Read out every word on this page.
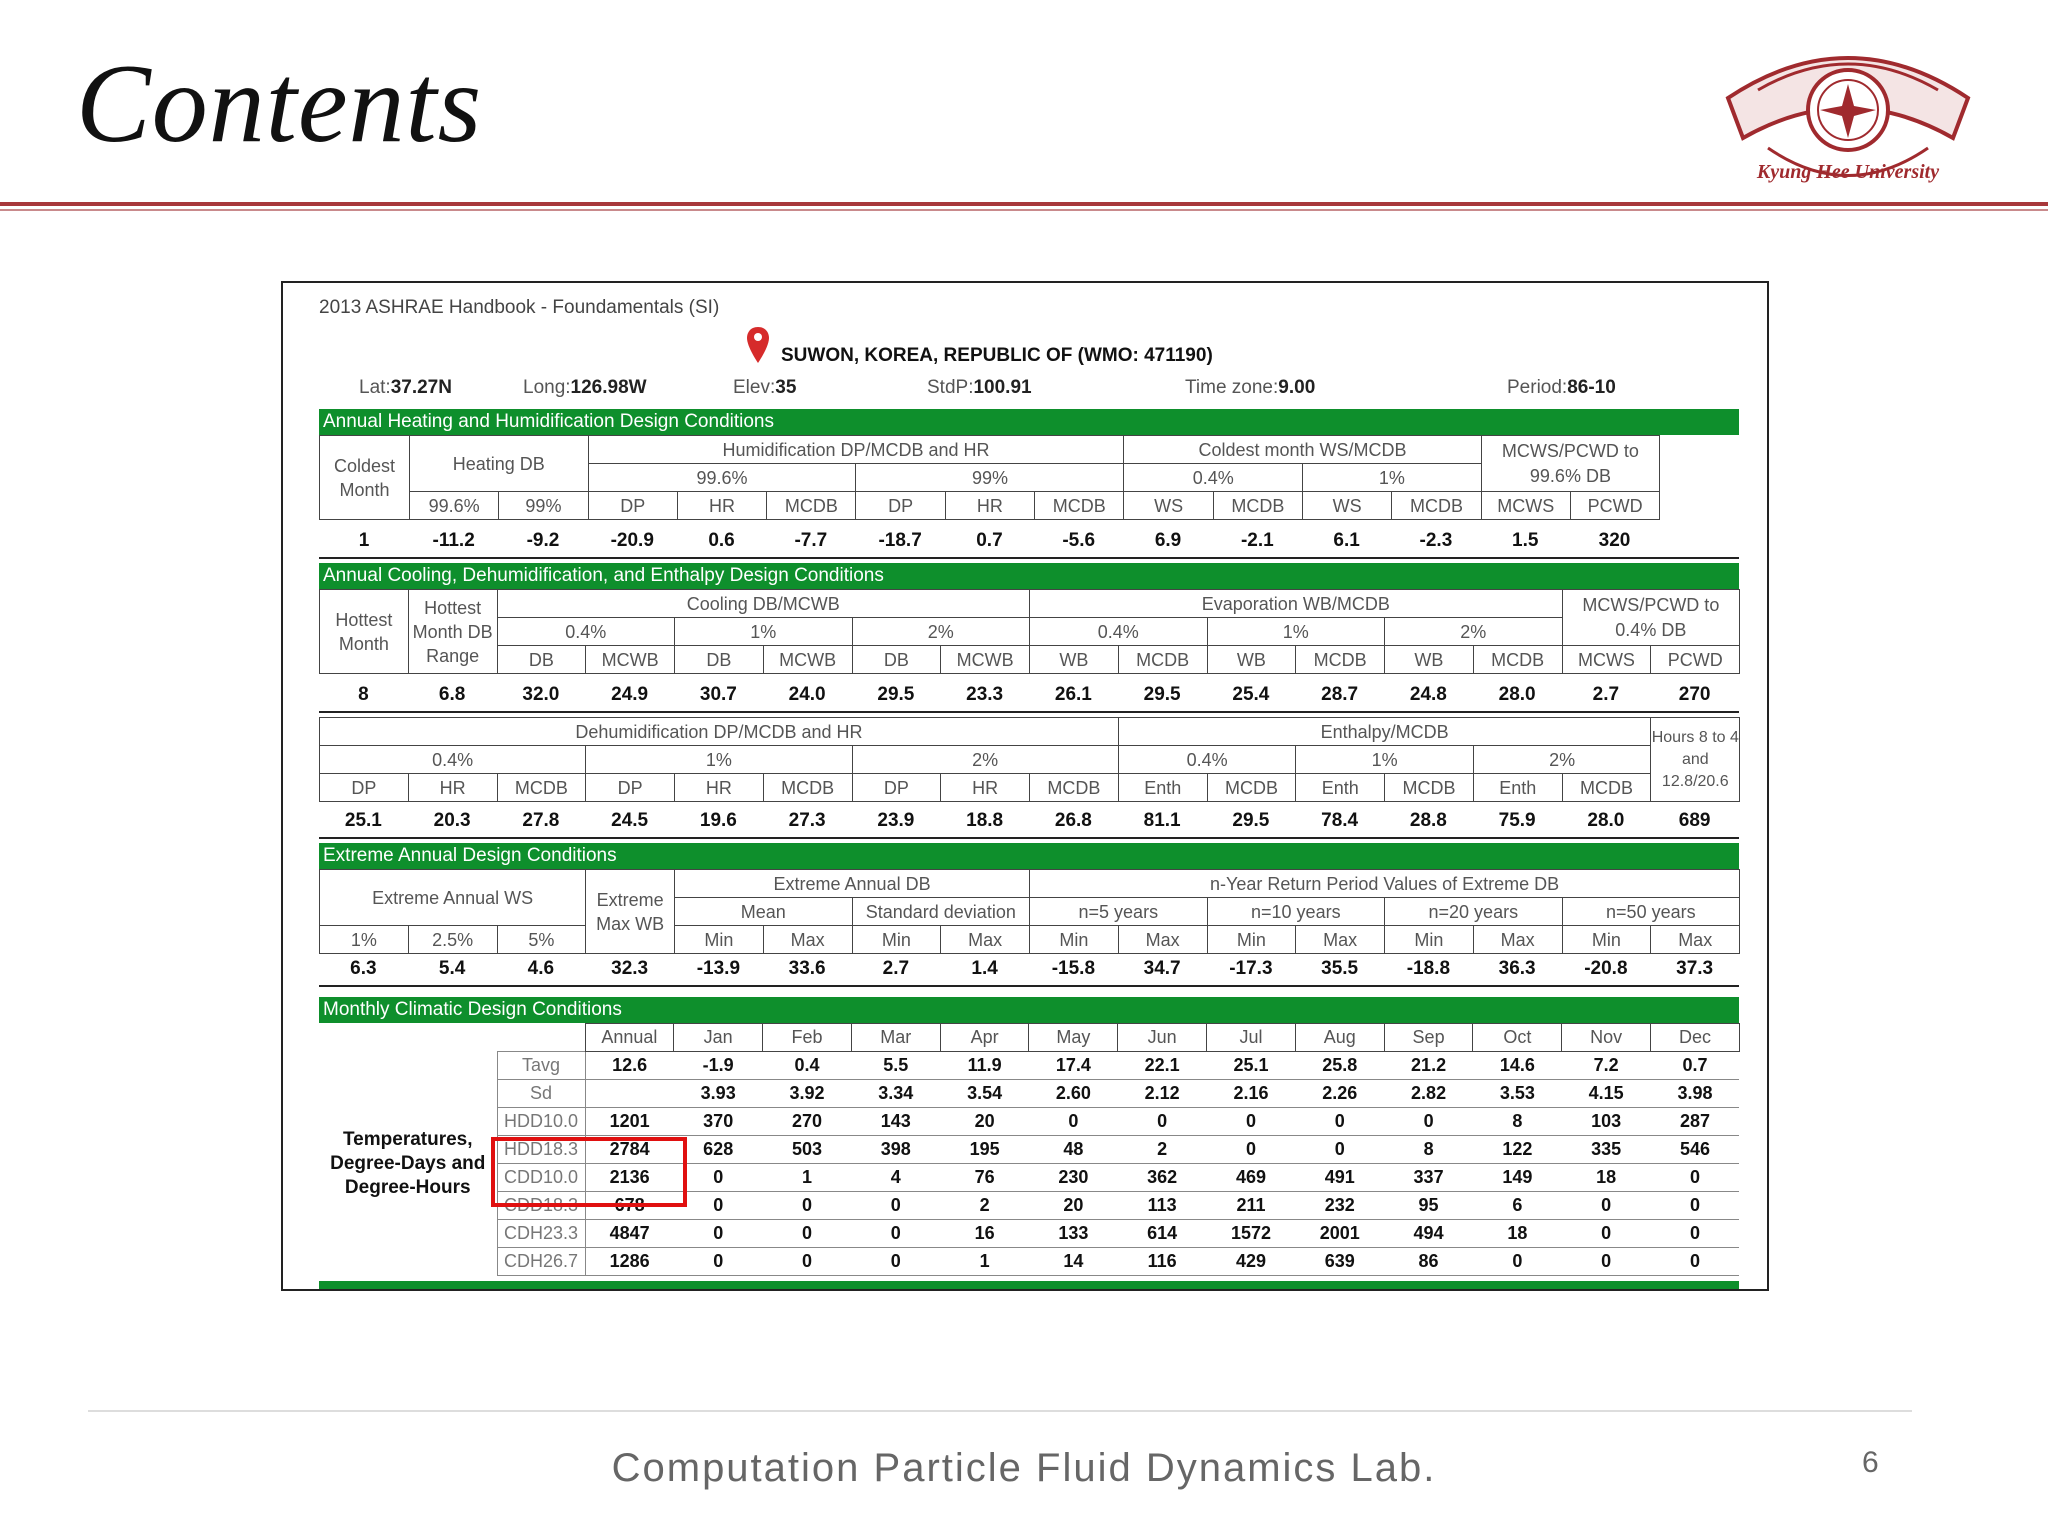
Contents
Kyung Hee University
2013 ASHRAE Handbook - Foundamentals (SI)
SUWON, KOREA, REPUBLIC OF (WMO: 471190)
Lat:37.27N	Long:126.98W	Elev:35	StdP:100.91	Time zone:9.00	Period:86-10
Annual Heating and Humidification Design Conditions
Coldest Month	Heating DB		Humidification DP/MCDB and HR						Coldest month WS/MCDB				MCWS/PCWD to 99.6% DB	
			99.6%			99%			0.4%		1%			
	99.6%	99%	DP	HR	MCDB	DP	HR	MCDB	WS	MCDB	WS	MCDB	MCWS	PCWD
1	-11.2	-9.2	-20.9	0.6	-7.7	-18.7	0.7	-5.6	6.9	-2.1	6.1	-2.3	1.5	320
Annual Cooling, Dehumidification, and Enthalpy Design Conditions
Hottest Month	Hottest Month DB Range	Cooling DB/MCWB						Evaporation WB/MCDB						MCWS/PCWD to 0.4% DB	
		0.4%		1%		2%		0.4%		1%		2%			
		DB	MCWB	DB	MCWB	DB	MCWB	WB	MCDB	WB	MCDB	WB	MCDB	MCWS	PCWD
8	6.8	32.0	24.9	30.7	24.0	29.5	23.3	26.1	29.5	25.4	28.7	24.8	28.0	2.7	270
Dehumidification DP/MCDB and HR									Enthalpy/MCDB						Hours 8 to 4 and 12.8/20.6
0.4%			1%			2%			0.4%		1%		2%		
DP	HR	MCDB	DP	HR	MCDB	DP	HR	MCDB	Enth	MCDB	Enth	MCDB	Enth	MCDB	
25.1	20.3	27.8	24.5	19.6	27.3	23.9	18.8	26.8	81.1	29.5	78.4	28.8	75.9	28.0	689
Extreme Annual Design Conditions
Extreme Annual WS			Extreme Max WB	Extreme Annual DB				n-Year Return Period Values of Extreme DB							
				Mean		Standard deviation		n=5 years		n=10 years		n=20 years		n=50 years	
1%	2.5%	5%		Min	Max	Min	Max	Min	Max	Min	Max	Min	Max	Min	Max
6.3	5.4	4.6	32.3	-13.9	33.6	2.7	1.4	-15.8	34.7	-17.3	35.5	-18.8	36.3	-20.8	37.3
Monthly Climatic Design Conditions
		Annual	Jan	Feb	Mar	Apr	May	Jun	Jul	Aug	Sep	Oct	Nov	Dec
Temperatures, Degree-Days and Degree-Hours	Tavg	12.6	-1.9	0.4	5.5	11.9	17.4	22.1	25.1	25.8	21.2	14.6	7.2	0.7
	Sd		3.93	3.92	3.34	3.54	2.60	2.12	2.16	2.26	2.82	3.53	4.15	3.98
	HDD10.0	1201	370	270	143	20	0	0	0	0	0	8	103	287
	HDD18.3	2784	628	503	398	195	48	2	0	0	8	122	335	546
	CDD10.0	2136	0	1	4	76	230	362	469	491	337	149	18	0
	CDD18.3	678	0	0	0	2	20	113	211	232	95	6	0	0
	CDH23.3	4847	0	0	0	16	133	614	1572	2001	494	18	0	0
	CDH26.7	1286	0	0	0	1	14	116	429	639	86	0	0	0
Computation Particle Fluid Dynamics Lab.	6
